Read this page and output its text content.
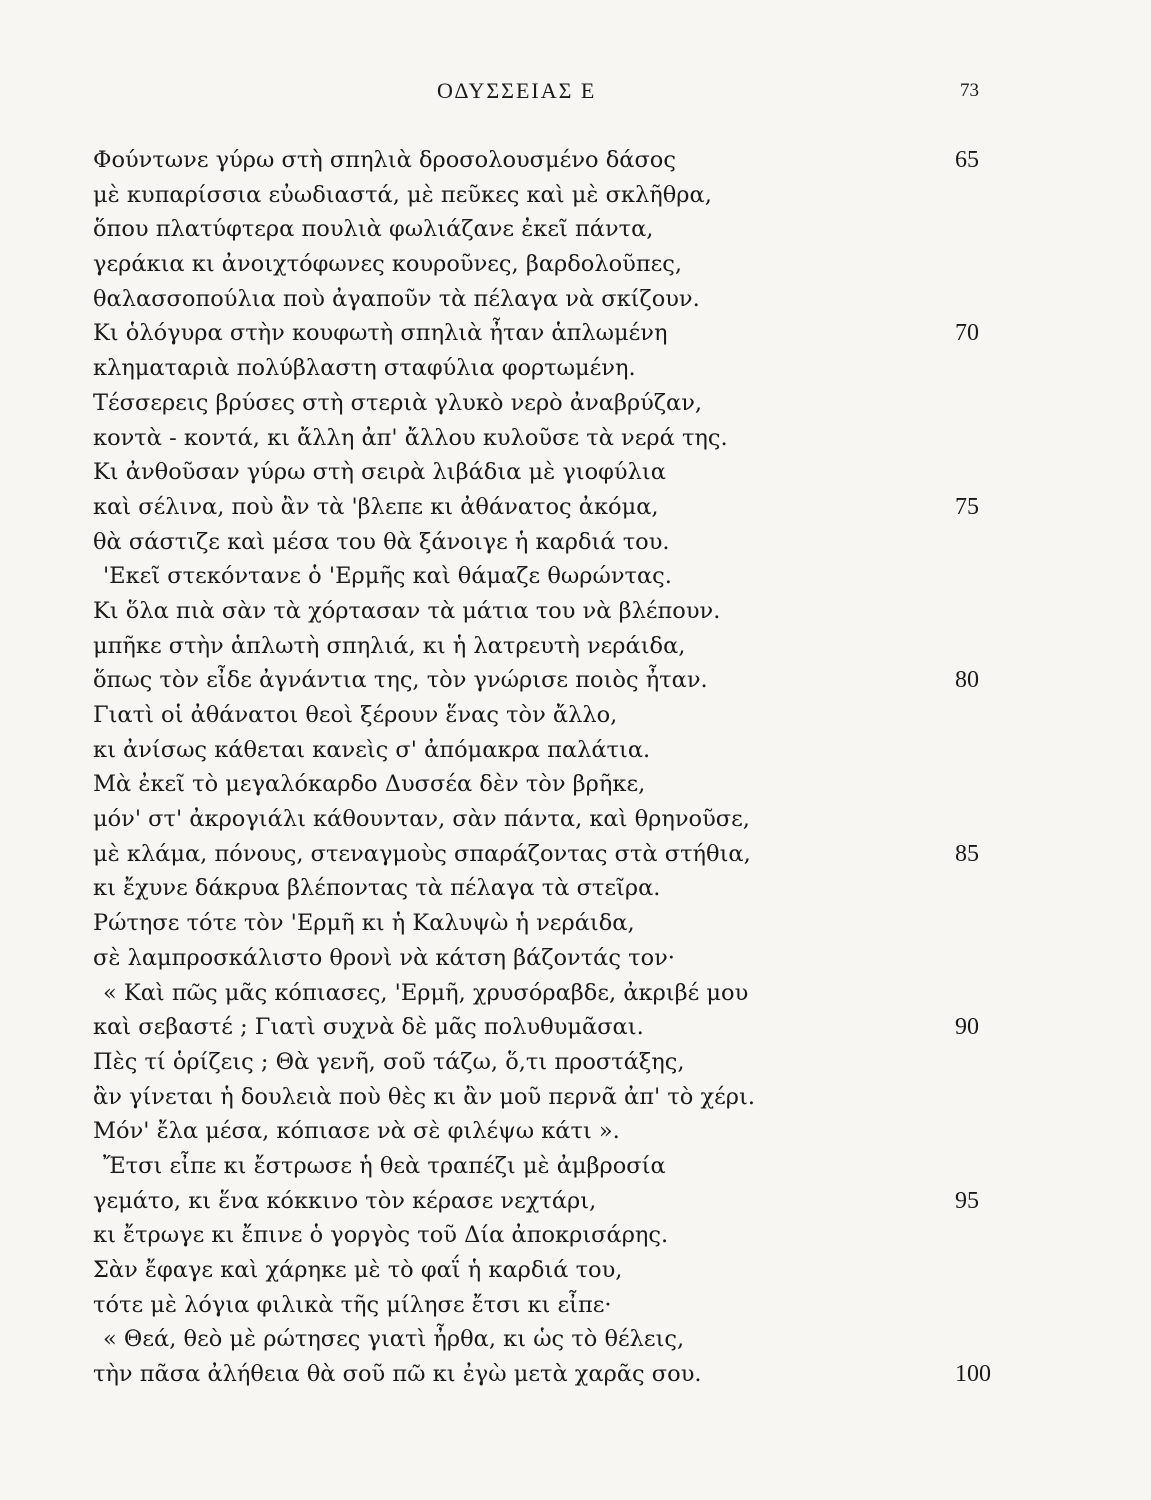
ΟΔΥΣΣΕΙΑΣ Ε	73
Φούντωνε γύρω στὴ σπηλιὰ δροσολουσμένο δάσος	65
μὲ κυπαρίσσια εὐωδιαστά, μὲ πεῦκες καὶ μὲ σκλῆθρα,
ὅπου πλατύφτερα πουλιὰ φωλιάζανε ἐκεῖ πάντα,
γεράκια κι ἀνοιχτόφωνες κουροῦνες, βαρδολοῦπες,
θαλασσοπούλια ποὺ ἀγαποῦν τὰ πέλαγα νὰ σκίζουν.
Κι ὁλόγυρα στὴν κουφωτὴ σπηλιὰ ἦταν ἁπλωμένη	70
κληματαριὰ πολύβλαστη σταφύλια φορτωμένη.
Τέσσερεις βρύσες στὴ στεριὰ γλυκὸ νερὸ ἀναβρύζαν,
κοντὰ - κοντά, κι ἄλλη ἀπ' ἄλλου κυλοῦσε τὰ νερά της.
Κι ἀνθοῦσαν γύρω στὴ σειρὰ λιβάδια μὲ γιοφύλια
καὶ σέλινα, ποὺ ἂν τὰ 'βλεπε κι ἀθάνατος ἀκόμα,	75
θὰ σάστιζε καὶ μέσα του θὰ ξάνοιγε ἡ καρδιά του.
'Εκεῖ στεκόντανε ὁ 'Ερμῆς καὶ θάμαζε θωρώντας.
Κι ὅλα πιὰ σὰν τὰ χόρτασαν τὰ μάτια του νὰ βλέπουν.
μπῆκε στὴν ἁπλωτὴ σπηλιά, κι ἡ λατρευτὴ νεράιδα,
ὅπως τὸν εἶδε ἀγνάντια της, τὸν γνώρισε ποιὸς ἦταν.	80
Γιατὶ οἱ ἀθάνατοι θεοὶ ξέρουν ἕνας τὸν ἄλλο,
κι ἀνίσως κάθεται κανεὶς σ' ἀπόμακρα παλάτια.
Μὰ ἐκεῖ τὸ μεγαλόκαρδο Δυσσέα δὲν τὸν βρῆκε,
μόν' στ' ἀκρογιάλι κάθουνταν, σὰν πάντα, καὶ θρηνοῦσε,
μὲ κλάμα, πόνους, στεναγμοὺς σπαράζοντας στὰ στήθια,	85
κι ἔχυνε δάκρυα βλέποντας τὰ πέλαγα τὰ στεῖρα.
Ρώτησε τότε τὸν 'Ερμῆ κι ἡ Καλυψὼ ἡ νεράιδα,
σὲ λαμπροσκάλιστο θρονὶ νὰ κάτση βάζοντάς τον·
« Καὶ πῶς μᾶς κόπιασες, 'Ερμῆ, χρυσόραβδε, ἀκριβέ μου
καὶ σεβαστέ ; Γιατὶ συχνὰ δὲ μᾶς πολυθυμᾶσαι.	90
Πὲς τί ὁρίζεις ; Θὰ γενῆ, σοῦ τάζω, ὅ,τι προστάξης,
ἂν γίνεται ἡ δουλειὰ ποὺ θὲς κι ἂν μοῦ περνᾶ ἀπ' τὸ χέρι.
Μόν' ἔλα μέσα, κόπιασε νὰ σὲ φιλέψω κάτι ».
Ἔτσι εἶπε κι ἔστρωσε ἡ θεὰ τραπέζι μὲ ἀμβροσία
γεμάτο, κι ἕνα κόκκινο τὸν κέρασε νεχτάρι,	95
κι ἔτρωγε κι ἔπινε ὁ γοργὸς τοῦ Δία ἀποκρισάρης.
Σὰν ἔφαγε καὶ χάρηκε μὲ τὸ φαΐ ἡ καρδιά του,
τότε μὲ λόγια φιλικὰ τῆς μίλησε ἔτσι κι εἶπε·
« Θεά, θεὸ μὲ ρώτησες γιατὶ ἦρθα, κι ὡς τὸ θέλεις,
τὴν πᾶσα ἀλήθεια θὰ σοῦ πῶ κι ἐγὼ μετὰ χαρᾶς σου.	100
